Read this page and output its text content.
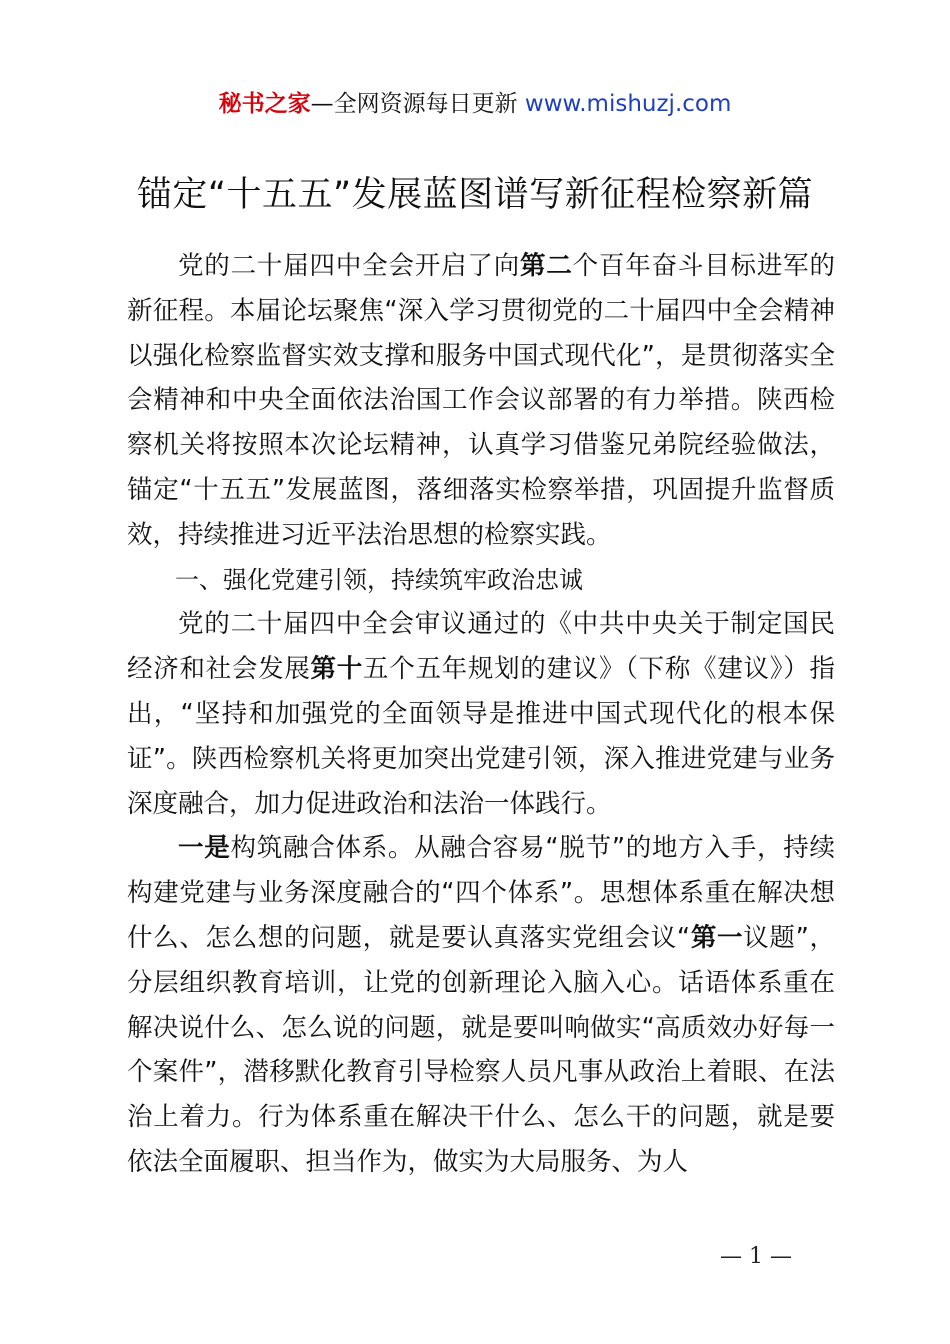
秘书之家—全网资源每日更新 www.mishuzj.com
锚定“十五五”发展蓝图谱写新征程检察新篇

党的二十届四中全会开启了向第二个百年奋斗目标进军的新征程。本届论坛聚焦“深入学习贯彻党的二十届四中全会精神以强化检察监督实效支撑和服务中国式现代化”，是贯彻落实全会精神和中央全面依法治国工作会议部署的有力举措。陕西检察机关将按照本次论坛精神，认真学习借鉴兄弟院经验做法，锚定“十五五”发展蓝图，落细落实检察举措，巩固提升监督质效，持续推进习近平法治思想的检察实践。

一、强化党建引领，持续筑牢政治忠诚

党的二十届四中全会审议通过的《中共中央关于制定国民经济和社会发展第十五个五年规划的建议》（下称《建议》）指出，“坚持和加强党的全面领导是推进中国式现代化的根本保证”。陕西检察机关将更加突出党建引领，深入推进党建与业务深度融合，加力促进政治和法治一体践行。

一是构筑融合体系。从融合容易“脱节”的地方入手，持续构建党建与业务深度融合的“四个体系”。思想体系重在解决想什么、怎么想的问题，就是要认真落实党组会议“第一议题”，分层组织教育培训，让党的创新理论入脑入心。话语体系重在解决说什么、怎么说的问题，就是要叫响做实“高质效办好每一个案件”，潜移默化教育引导检察人员凡事从政治上着眼、在法治上着力。行为体系重在解决干什么、怎么干的问题，就是要依法全面履职、担当作为，做实为大局服务、为人

— 1 —
